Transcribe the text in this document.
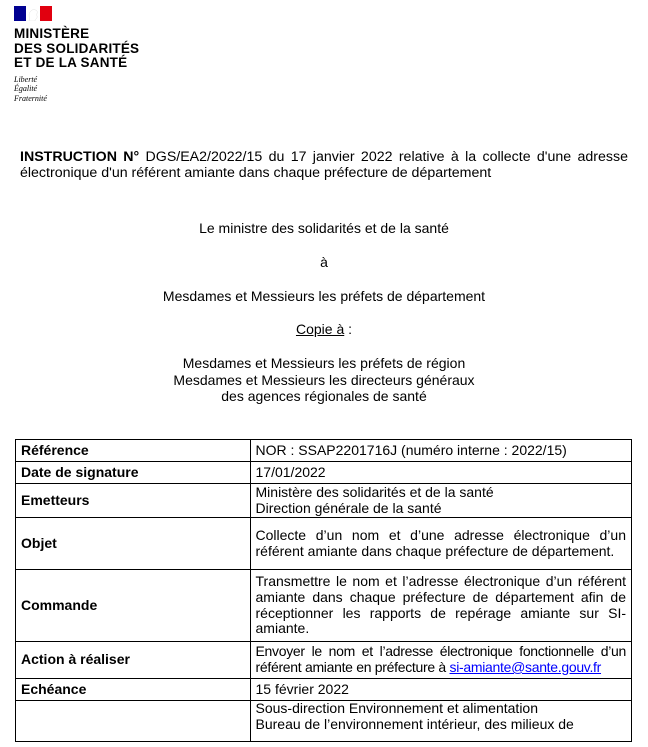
MINISTÈRE
DES SOLIDARITÉS
ET DE LA SANTÉ
Liberté
Égalité
Fraternité
INSTRUCTION N° DGS/EA2/2022/15 du 17 janvier 2022 relative à la collecte d'une adresse électronique d'un référent amiante dans chaque préfecture de département
Le ministre des solidarités et de la santé
à
Mesdames et Messieurs les préfets de département
Copie à :
Mesdames et Messieurs les préfets de région
Mesdames et Messieurs les directeurs généraux
des agences régionales de santé
Référence	NOR : SSAP2201716J (numéro interne : 2022/15)
Date de signature	17/01/2022
Emetteurs	Ministère des solidarités et de la santé
Direction générale de la santé

Objet	Collecte d’un nom et d’une adresse électronique d’un référent amiante dans chaque préfecture de département.
Commande	Transmettre le nom et l’adresse électronique d’un référent amiante dans chaque préfecture de département afin de réceptionner les rapports de repérage amiante sur SI-amiante.
Action à réaliser	Envoyer le nom et l’adresse électronique fonctionnelle d’un référent amiante en préfecture à si-amiante@sante.gouv.fr
Echéance	15 février 2022

	Sous-direction Environnement et alimentation
Bureau de l’environnement intérieur, des milieux de
